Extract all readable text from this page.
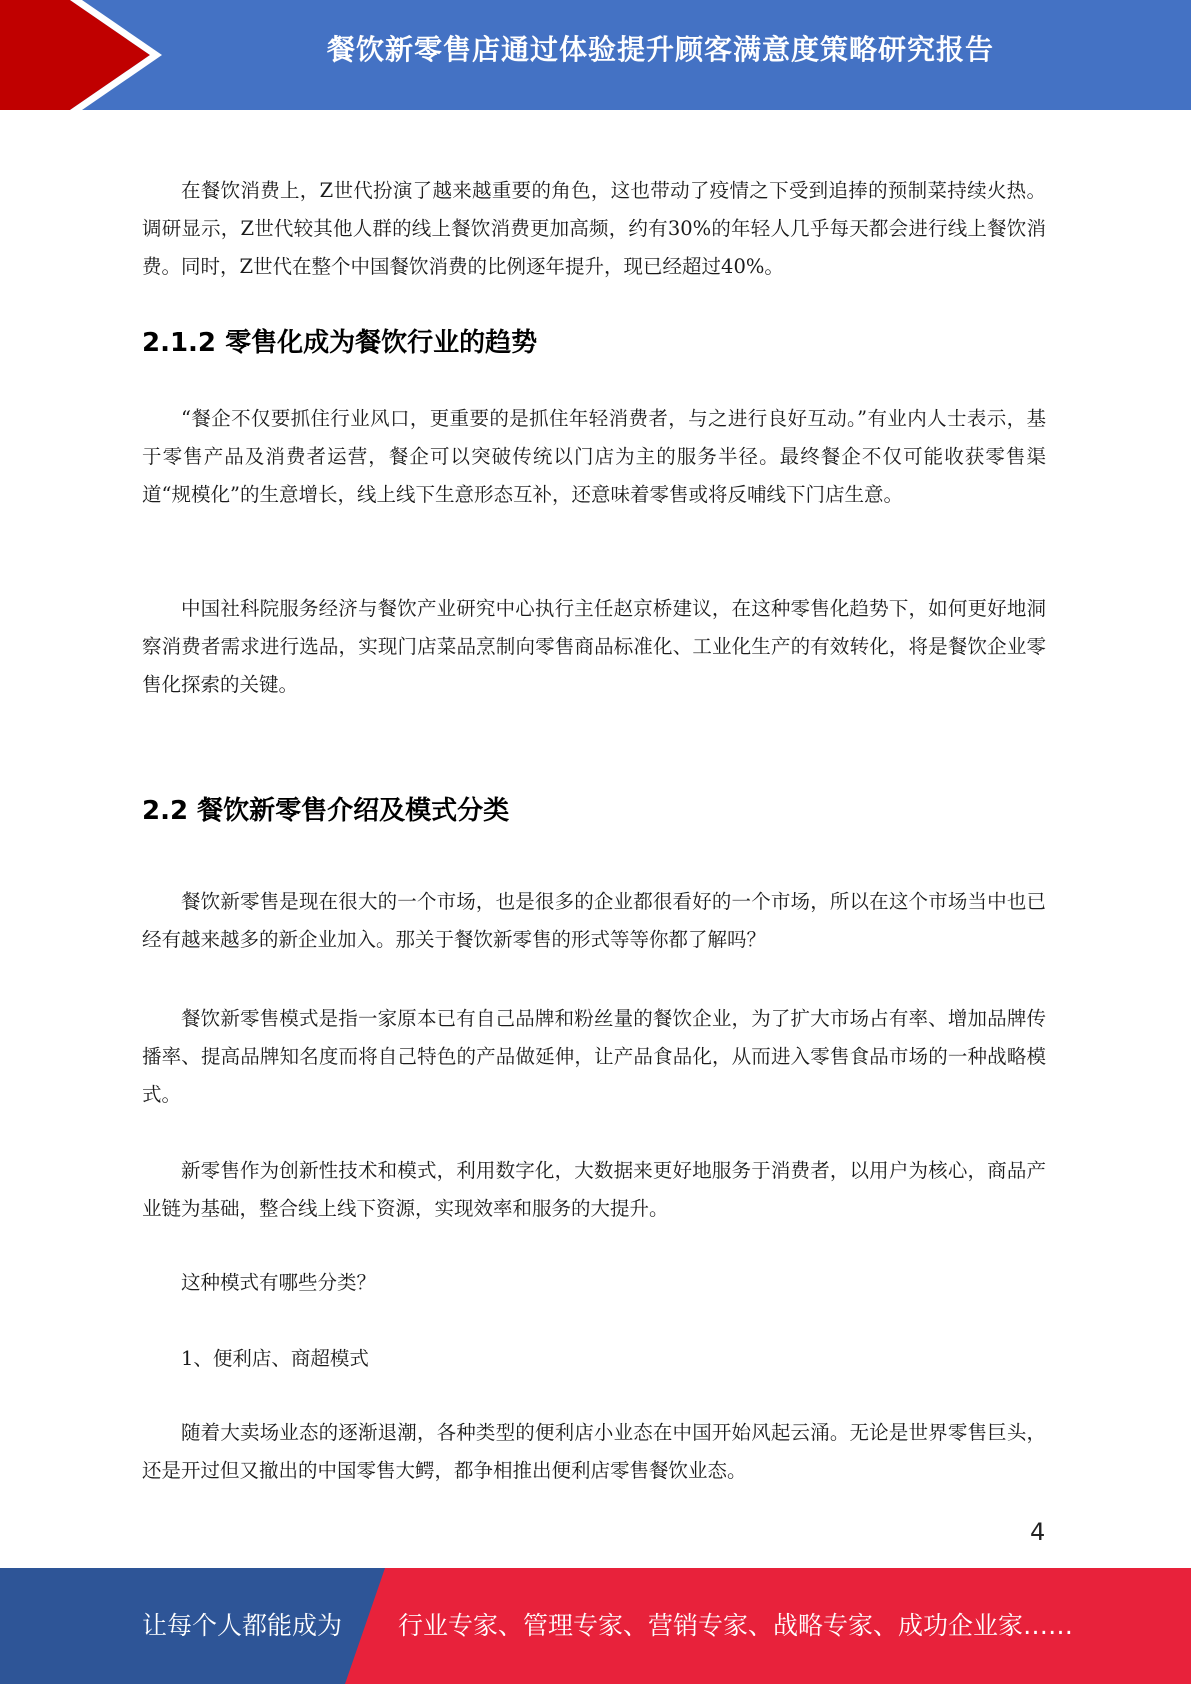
餐饮新零售店通过体验提升顾客满意度策略研究报告

在餐饮消费上，Z世代扮演了越来越重要的角色，这也带动了疫情之下受到追捧的预制菜持续火热。调研显示，Z世代较其他人群的线上餐饮消费更加高频，约有30%的年轻人几乎每天都会进行线上餐饮消费。同时，Z世代在整个中国餐饮消费的比例逐年提升，现已经超过40%。

2.1.2 零售化成为餐饮行业的趋势

“餐企不仅要抓住行业风口，更重要的是抓住年轻消费者，与之进行良好互动。”有业内人士表示，基于零售产品及消费者运营，餐企可以突破传统以门店为主的服务半径。最终餐企不仅可能收获零售渠道“规模化”的生意增长，线上线下生意形态互补，还意味着零售或将反哺线下门店生意。

中国社科院服务经济与餐饮产业研究中心执行主任赵京桥建议，在这种零售化趋势下，如何更好地洞察消费者需求进行选品，实现门店菜品烹制向零售商品标准化、工业化生产的有效转化，将是餐饮企业零售化探索的关键。

2.2 餐饮新零售介绍及模式分类

餐饮新零售是现在很大的一个市场，也是很多的企业都很看好的一个市场，所以在这个市场当中也已经有越来越多的新企业加入。那关于餐饮新零售的形式等等你都了解吗？

餐饮新零售模式是指一家原本已有自己品牌和粉丝量的餐饮企业，为了扩大市场占有率、增加品牌传播率、提高品牌知名度而将自己特色的产品做延伸，让产品食品化，从而进入零售食品市场的一种战略模式。

新零售作为创新性技术和模式，利用数字化，大数据来更好地服务于消费者，以用户为核心，商品产业链为基础，整合线上线下资源，实现效率和服务的大提升。

这种模式有哪些分类？

1、便利店、商超模式

随着大卖场业态的逐渐退潮，各种类型的便利店小业态在中国开始风起云涌。无论是世界零售巨头，还是开过但又撤出的中国零售大鳄，都争相推出便利店零售餐饮业态。

4
让每个人都能成为 行业专家、管理专家、营销专家、战略专家、成功企业家……
